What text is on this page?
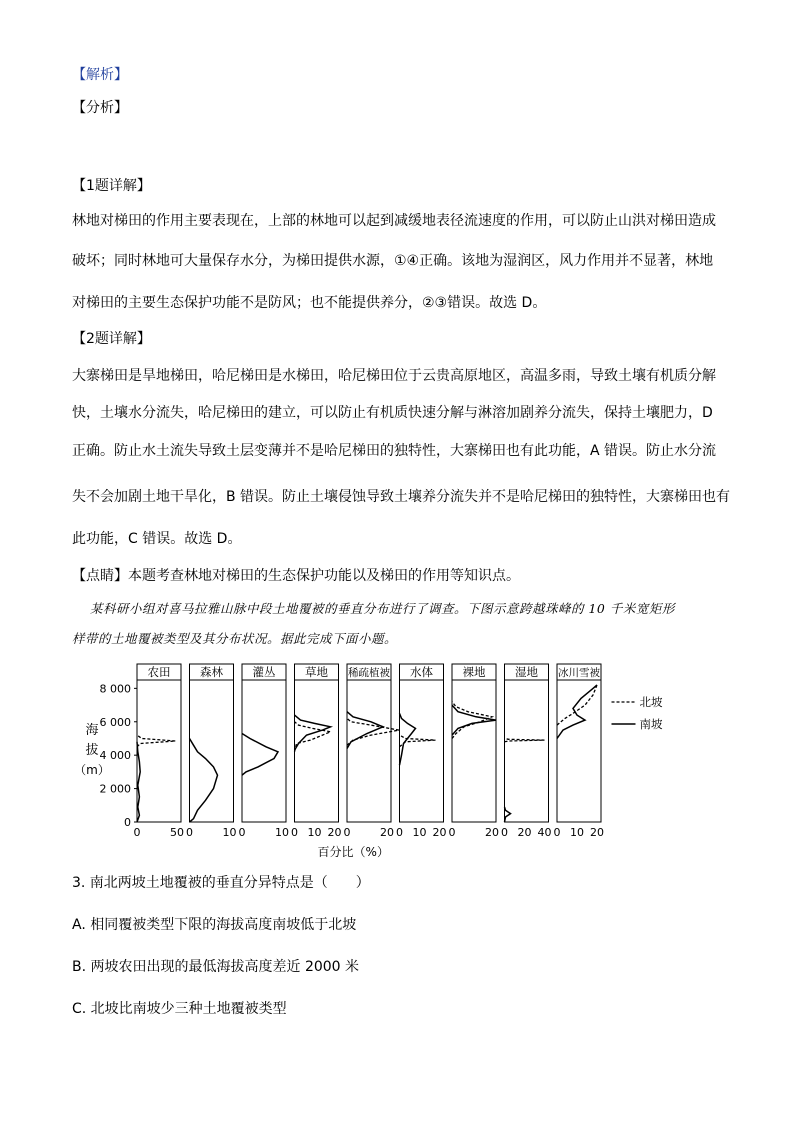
【解析】
【分析】
【1题详解】
林地对梯田的作用主要表现在，上部的林地可以起到减缓地表径流速度的作用，可以防止山洪对梯田造成
破坏；同时林地可大量保存水分，为梯田提供水源，①④正确。该地为湿润区，风力作用并不显著，林地
对梯田的主要生态保护功能不是防风；也不能提供养分，②③错误。故选 D。
【2题详解】
大寨梯田是旱地梯田，哈尼梯田是水梯田，哈尼梯田位于云贵高原地区，高温多雨，导致土壤有机质分解
快，土壤水分流失，哈尼梯田的建立，可以防止有机质快速分解与淋溶加剧养分流失，保持土壤肥力，D
正确。防止水土流失导致土层变薄并不是哈尼梯田的独特性，大寨梯田也有此功能，A 错误。防止水分流
失不会加剧土地干旱化，B 错误。防止土壤侵蚀导致土壤养分流失并不是哈尼梯田的独特性，大寨梯田也有
此功能，C 错误。故选 D。
【点睛】本题考查林地对梯田的生态保护功能以及梯田的作用等知识点。
某科研小组对喜马拉雅山脉中段土地覆被的垂直分布进行了调查。下图示意跨越珠峰的 10 千米宽矩形
样带的土地覆被类型及其分布状况。据此完成下面小题。
海
拔
（m）
8 000
6 000
4 000
2 000
0
农田
0	50
森林
0	10
灌丛
0	10
草地
0 10 20
稀疏植被
0	20
水体
0 10 20
裸地
0	20
湿地
0 20 40
冰川雪被
0 10 20
百分比（%）
北坡
南坡
3. 南北两坡土地覆被的垂直分异特点是（　　）
A. 相同覆被类型下限的海拔高度南坡低于北坡
B. 两坡农田出现的最低海拔高度差近 2000 米
C. 北坡比南坡少三种土地覆被类型
